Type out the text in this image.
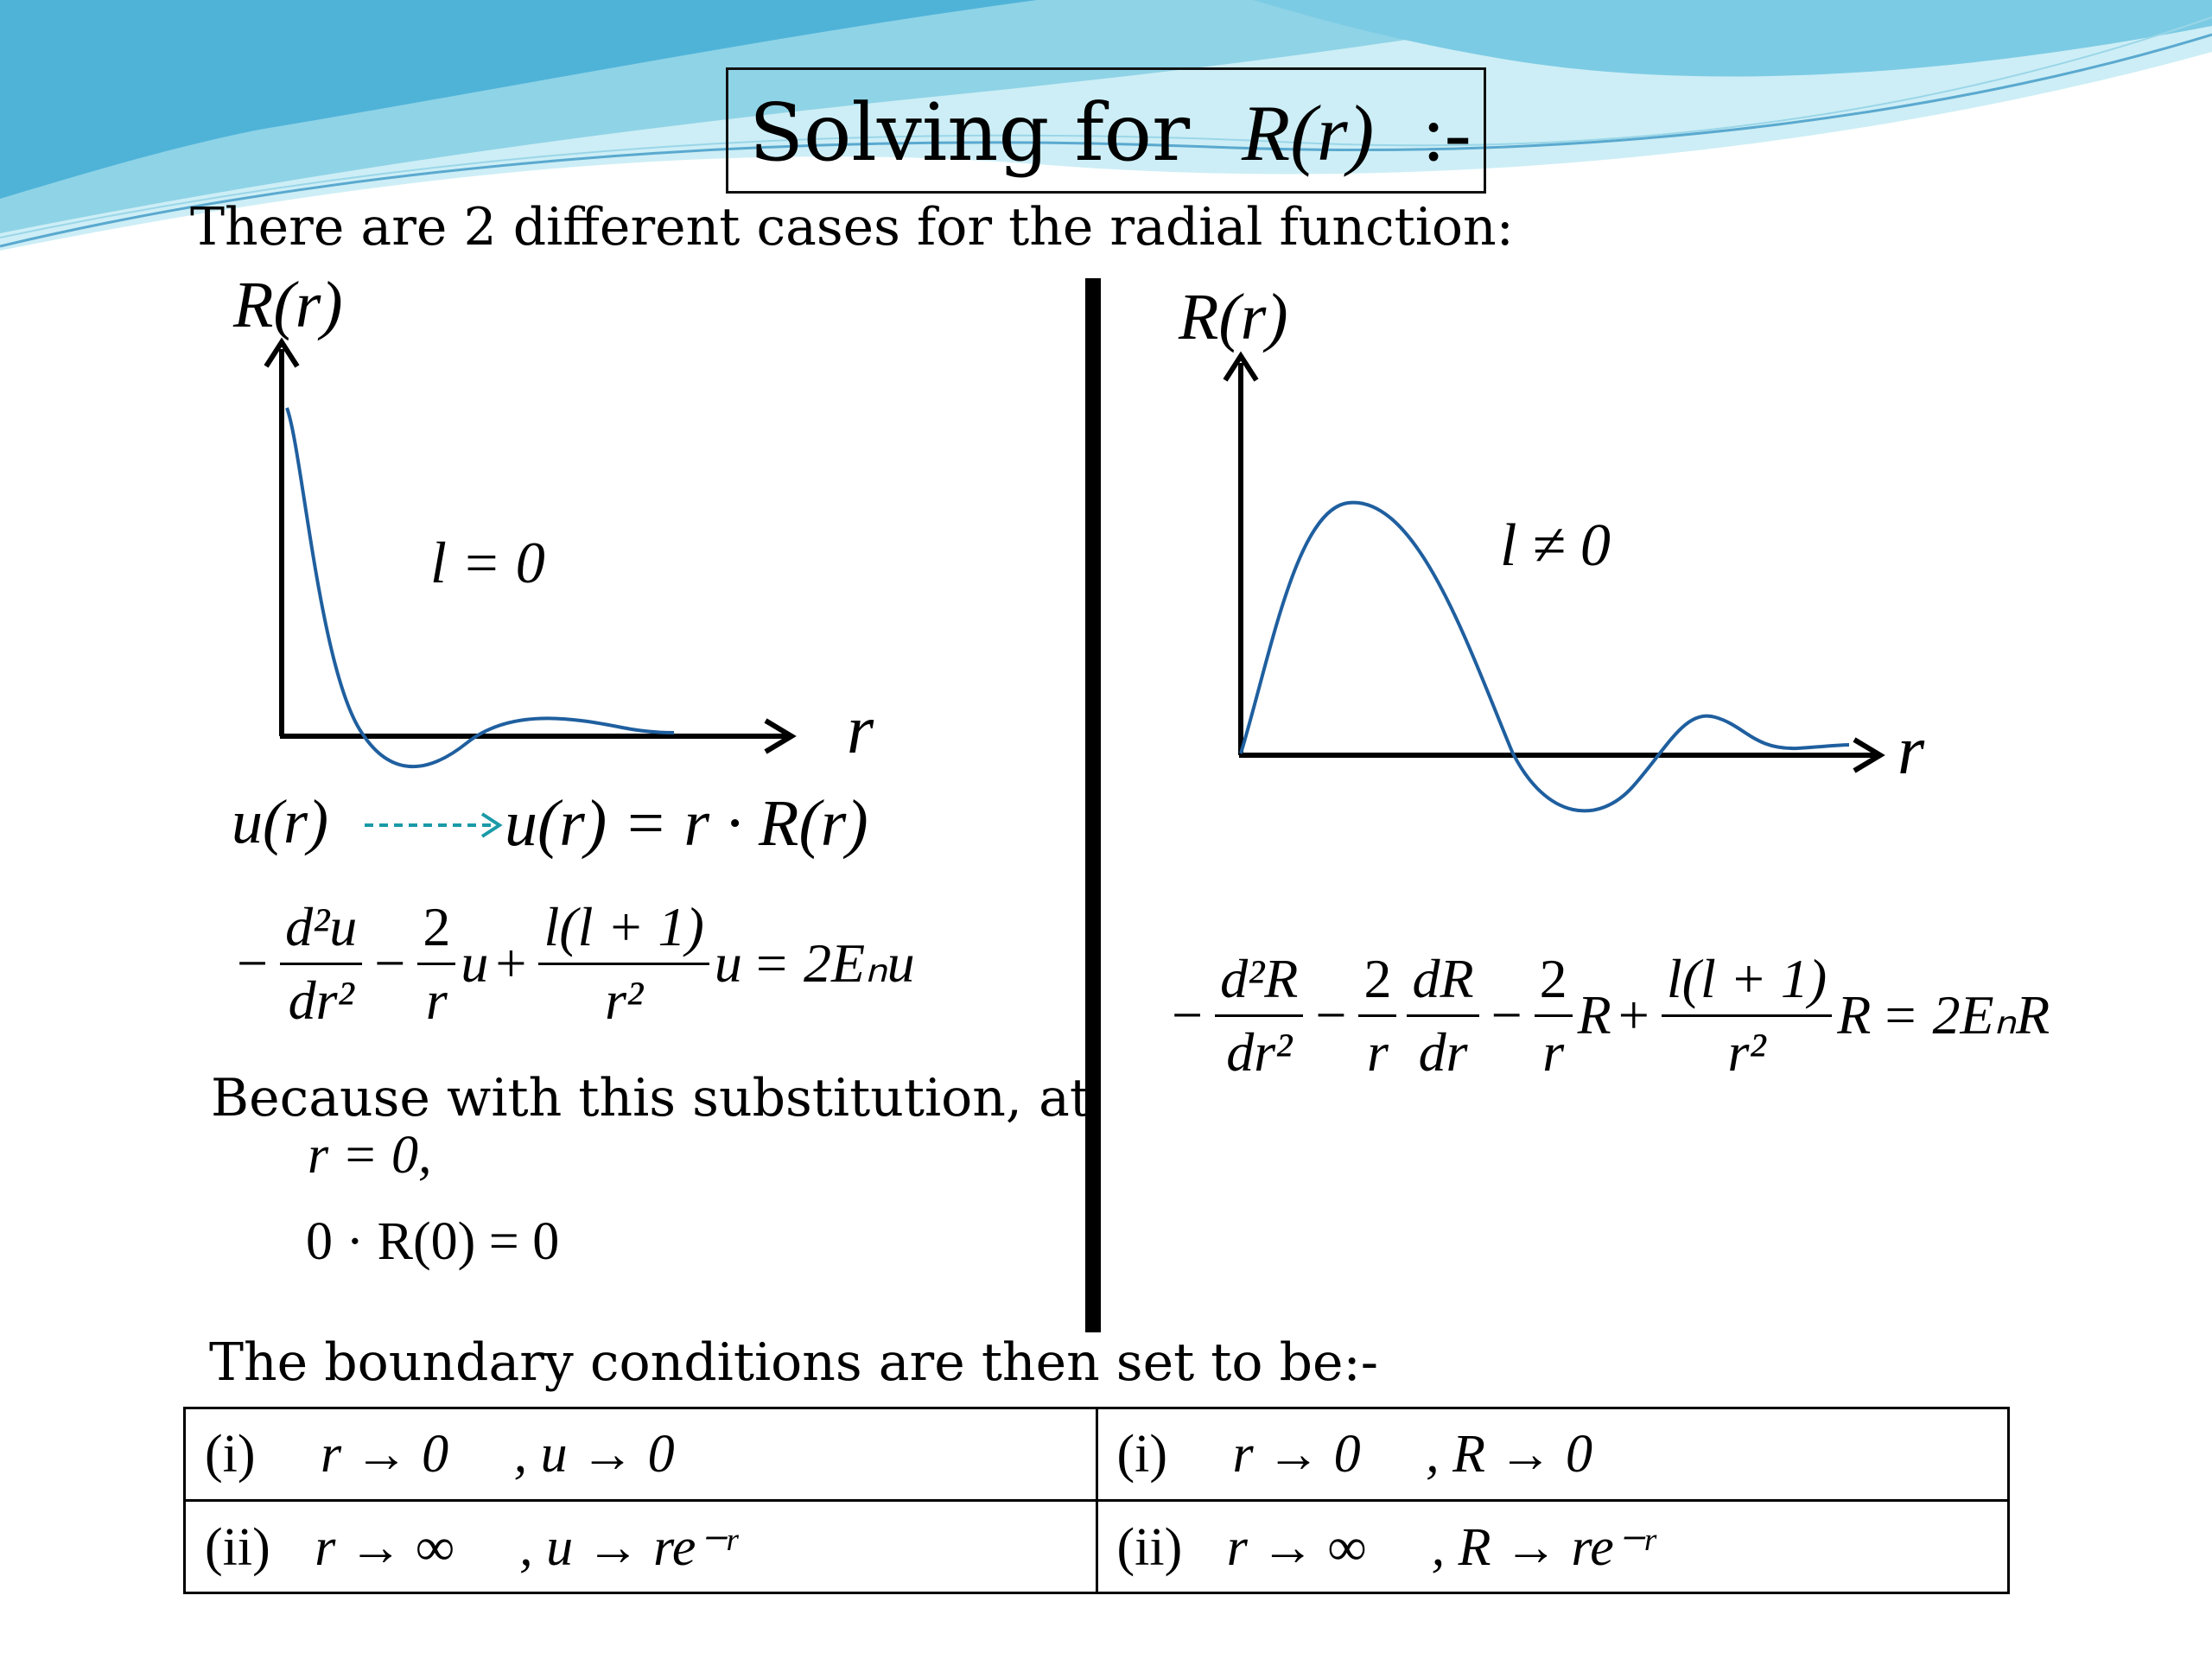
Solving for R(r) :-
There are 2 different cases for the radial function:
R(r)
r
l = 0
R(r)
r
l ≠ 0
u(r)	u(r) = r · R(r)
− $\frac{\text{d²u}}{\text{dr²}} - \frac{2}{r}$ $u + \frac{l(l + 1)}{\text{r²}}$ u = 2Eₙu
− $\frac{\text{d²R}}{\text{dr²}} - \frac{2}{r} \frac{dR}{dr} - \frac{2}{r}$ $R + \frac{l(l + 1)}{\text{r²}}$ R = 2EₙR
Because with this substitution, at
r = 0,
0 · R(0) = 0
The boundary conditions are then set to be:-
(i) r → 0 , u → 0	(i) r → 0 , R → 0
(ii) r → ∞ , u → re⁻ʳ	(ii) r → ∞ , R → re⁻ʳ
